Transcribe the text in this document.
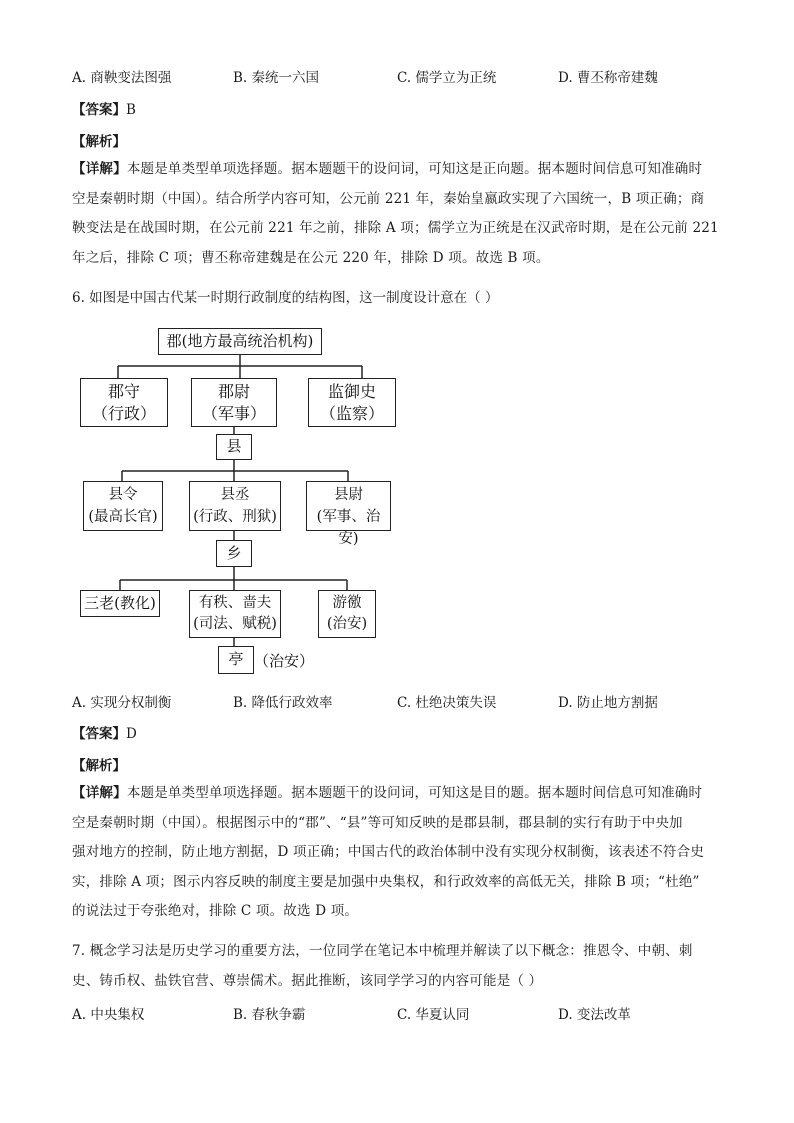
A. 商鞅变法图强	B. 秦统一六国	C. 儒学立为正统	D. 曹丕称帝建魏
【答案】B
【解析】
【详解】本题是单类型单项选择题。据本题题干的设问词，可知这是正向题。据本题时间信息可知准确时
空是秦朝时期（中国）。结合所学内容可知，公元前 221 年，秦始皇嬴政实现了六国统一，B 项正确；商
鞅变法是在战国时期，在公元前 221 年之前，排除 A 项；儒学立为正统是在汉武帝时期，是在公元前 221
年之后，排除 C 项；曹丕称帝建魏是在公元 220 年，排除 D 项。故选 B 项。
6. 如图是中国古代某一时期行政制度的结构图，这一制度设计意在（ ）
郡(地方最高统治机构)
郡守
（行政）
郡尉
（军事）
监御史
（监察）
县
县令
(最高长官)
县丞
(行政、刑狱)
县尉
(军事、治安)
乡
三老(教化)	有秩、啬夫
(司法、赋税)
游徼
(治安)
亭 （治安）
A. 实现分权制衡	B. 降低行政效率	C. 杜绝决策失误	D. 防止地方割据
【答案】D
【解析】
【详解】本题是单类型单项选择题。据本题题干的设问词，可知这是目的题。据本题时间信息可知准确时
空是秦朝时期（中国）。根据图示中的“郡”、“县”等可知反映的是郡县制，郡县制的实行有助于中央加
强对地方的控制，防止地方割据，D 项正确；中国古代的政治体制中没有实现分权制衡，该表述不符合史
实，排除 A 项；图示内容反映的制度主要是加强中央集权，和行政效率的高低无关，排除 B 项；“杜绝”
的说法过于夸张绝对，排除 C 项。故选 D 项。
7. 概念学习法是历史学习的重要方法，一位同学在笔记本中梳理并解读了以下概念：推恩令、中朝、刺
史、铸币权、盐铁官营、尊崇儒术。据此推断，该同学学习的内容可能是（ ）
A. 中央集权	B. 春秋争霸	C. 华夏认同	D. 变法改革
